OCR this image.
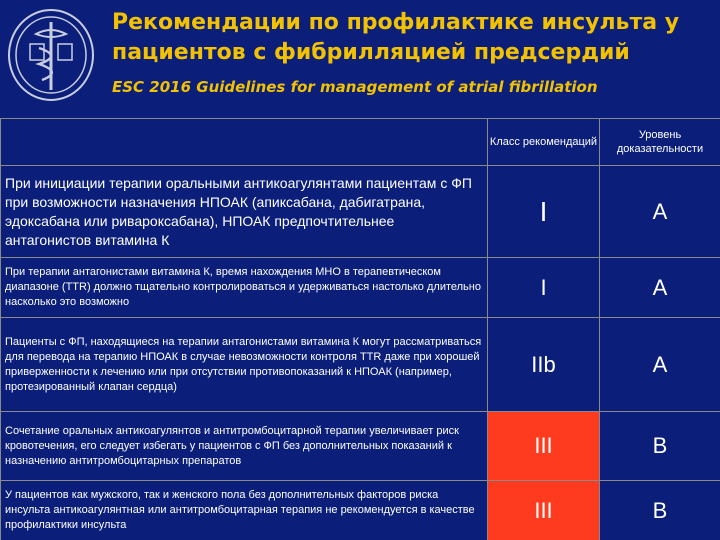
Рекомендации по профилактике инсульта у пациентов с фибрилляцией предсердий
ESC 2016 Guidelines for management of atrial fibrillation
	Класс рекомендаций	Уровень доказательности
При инициации терапии оральными антикоагулянтами пациентам с ФП при возможности назначения НПОАК (апиксабана, дабигатрана, эдоксабана или ривароксабана), НПОАК предпочтительнее антагонистов витамина К	I	A
При терапии антагонистами витамина К, время нахождения МНО в терапевтическом диапазоне (TTR) должно тщательно контролироваться и удерживаться настолько длительно насколько это возможно	I	A
Пациенты с ФП, находящиеся на терапии антагонистами витамина К могут рассматриваться для перевода на терапию НПОАК в случае невозможности контроля TTR даже при хорошей приверженности к лечению или при отсутствии противопоказаний к НПОАК (например, протезированный клапан сердца)	IIb	A
Сочетание оральных антикоагулянтов и антитромбоцитарной терапии увеличивает риск кровотечения, его следует избегать у пациентов с ФП без дополнительных показаний к назначению антитромбоцитарных препаратов	III	B
У пациентов как мужского, так и женского пола без дополнительных факторов риска инсульта антикоагулянтная или антитромбоцитарная терапия не рекомендуется в качестве профилактики инсульта	III	B
